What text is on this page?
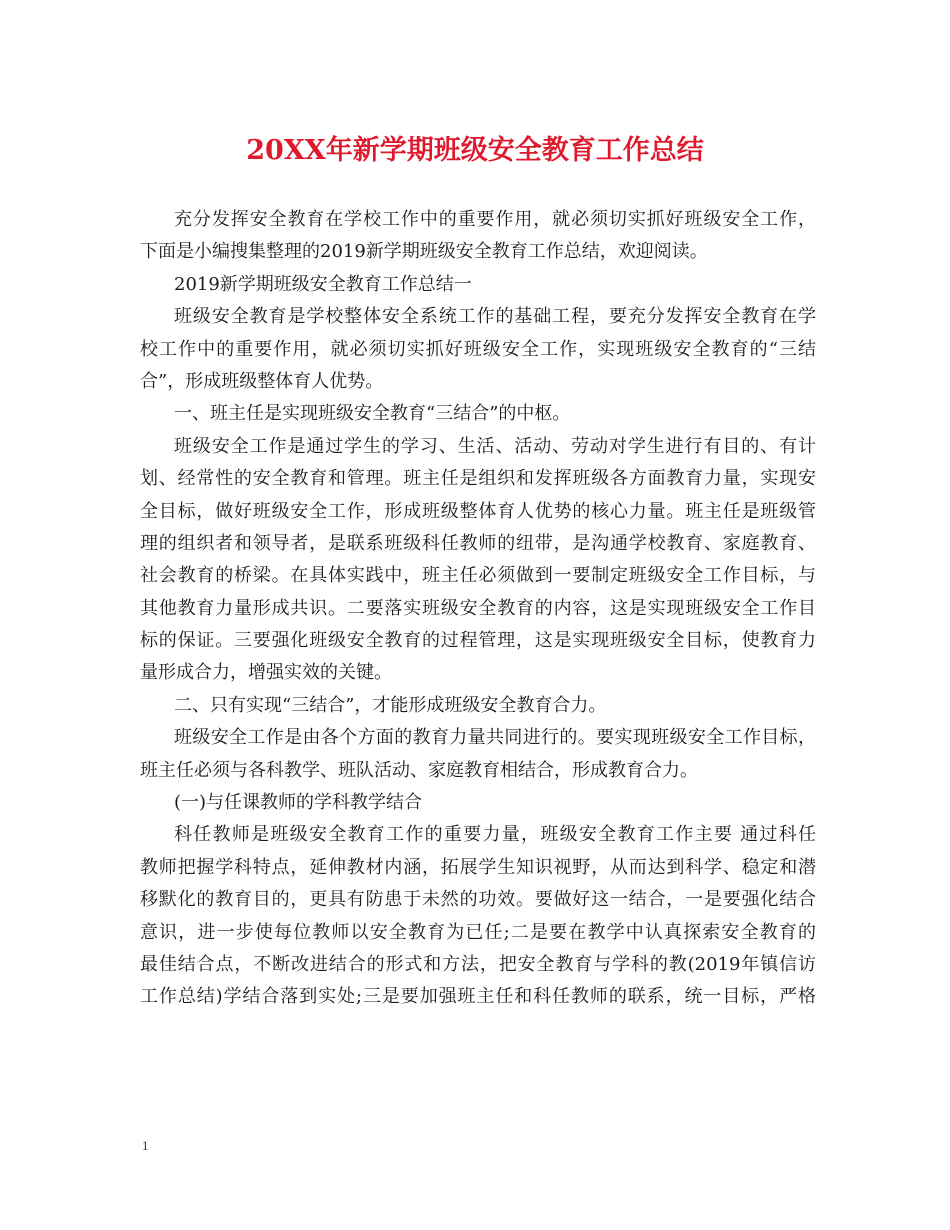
20XX年新学期班级安全教育工作总结
充分发挥安全教育在学校工作中的重要作用，就必须切实抓好班级安全工作，
下面是小编搜集整理的2019新学期班级安全教育工作总结，欢迎阅读。
2019新学期班级安全教育工作总结一
班级安全教育是学校整体安全系统工作的基础工程，要充分发挥安全教育在学
校工作中的重要作用，就必须切实抓好班级安全工作，实现班级安全教育的“三结
合”，形成班级整体育人优势。
一、班主任是实现班级安全教育“三结合”的中枢。
班级安全工作是通过学生的学习、生活、活动、劳动对学生进行有目的、有计
划、经常性的安全教育和管理。班主任是组织和发挥班级各方面教育力量，实现安
全目标，做好班级安全工作，形成班级整体育人优势的核心力量。班主任是班级管
理的组织者和领导者，是联系班级科任教师的纽带，是沟通学校教育、家庭教育、
社会教育的桥梁。在具体实践中，班主任必须做到一要制定班级安全工作目标，与
其他教育力量形成共识。二要落实班级安全教育的内容，这是实现班级安全工作目
标的保证。三要强化班级安全教育的过程管理，这是实现班级安全目标，使教育力
量形成合力，增强实效的关键。
二、只有实现“三结合”，才能形成班级安全教育合力。
班级安全工作是由各个方面的教育力量共同进行的。要实现班级安全工作目标，
班主任必须与各科教学、班队活动、家庭教育相结合，形成教育合力。
(一)与任课教师的学科教学结合
科任教师是班级安全教育工作的重要力量，班级安全教育工作主要 通过科任
教师把握学科特点，延伸教材内涵，拓展学生知识视野，从而达到科学、稳定和潜
移默化的教育目的，更具有防患于未然的功效。要做好这一结合，一是要强化结合
意识，进一步使每位教师以安全教育为已任;二是要在教学中认真探索安全教育的
最佳结合点，不断改进结合的形式和方法，把安全教育与学科的教(2019年镇信访
工作总结)学结合落到实处;三是要加强班主任和科任教师的联系，统一目标，严格
1
